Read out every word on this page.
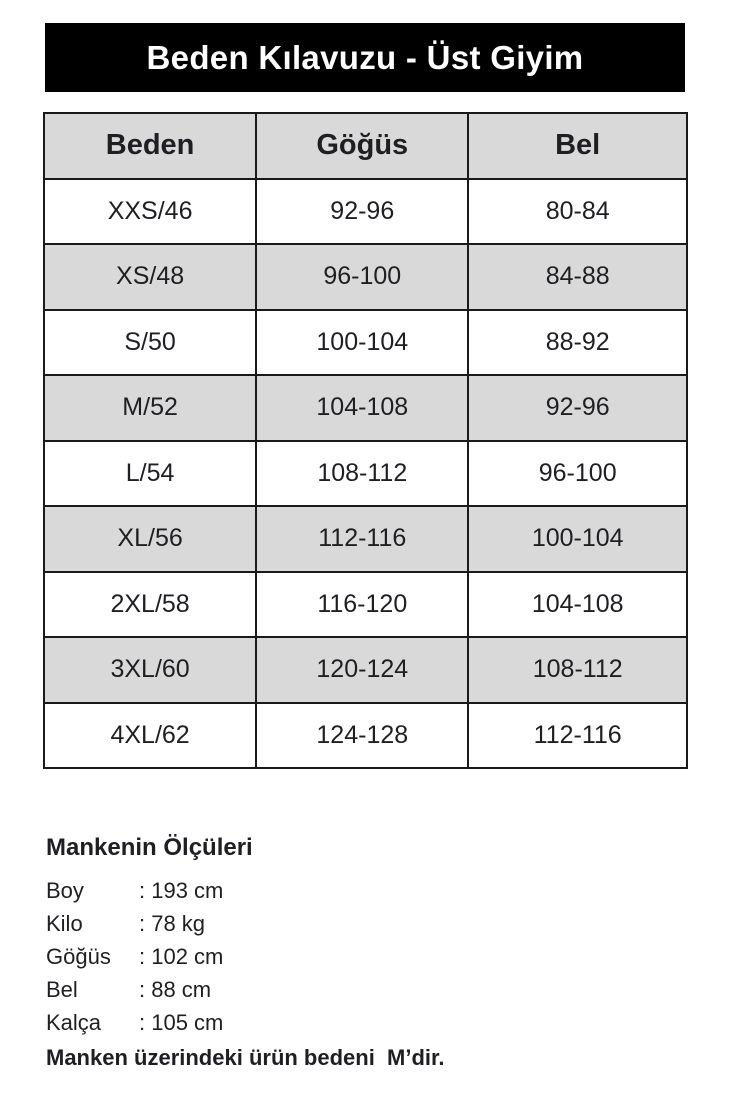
Beden Kılavuzu - Üst Giyim
Beden	Göğüs	Bel
XXS/46	92-96	80-84
XS/48	96-100	84-88
S/50	100-104	88-92
M/52	104-108	92-96
L/54	108-112	96-100
XL/56	112-116	100-104
2XL/58	116-120	104-108
3XL/60	120-124	108-112
4XL/62	124-128	112-116
Mankenin Ölçüleri
Boy	: 193 cm
Kilo	: 78 kg
Göğüs	: 102 cm
Bel	: 88 cm
Kalça	: 105 cm

Manken üzerindeki ürün bedeni  M’dir.
